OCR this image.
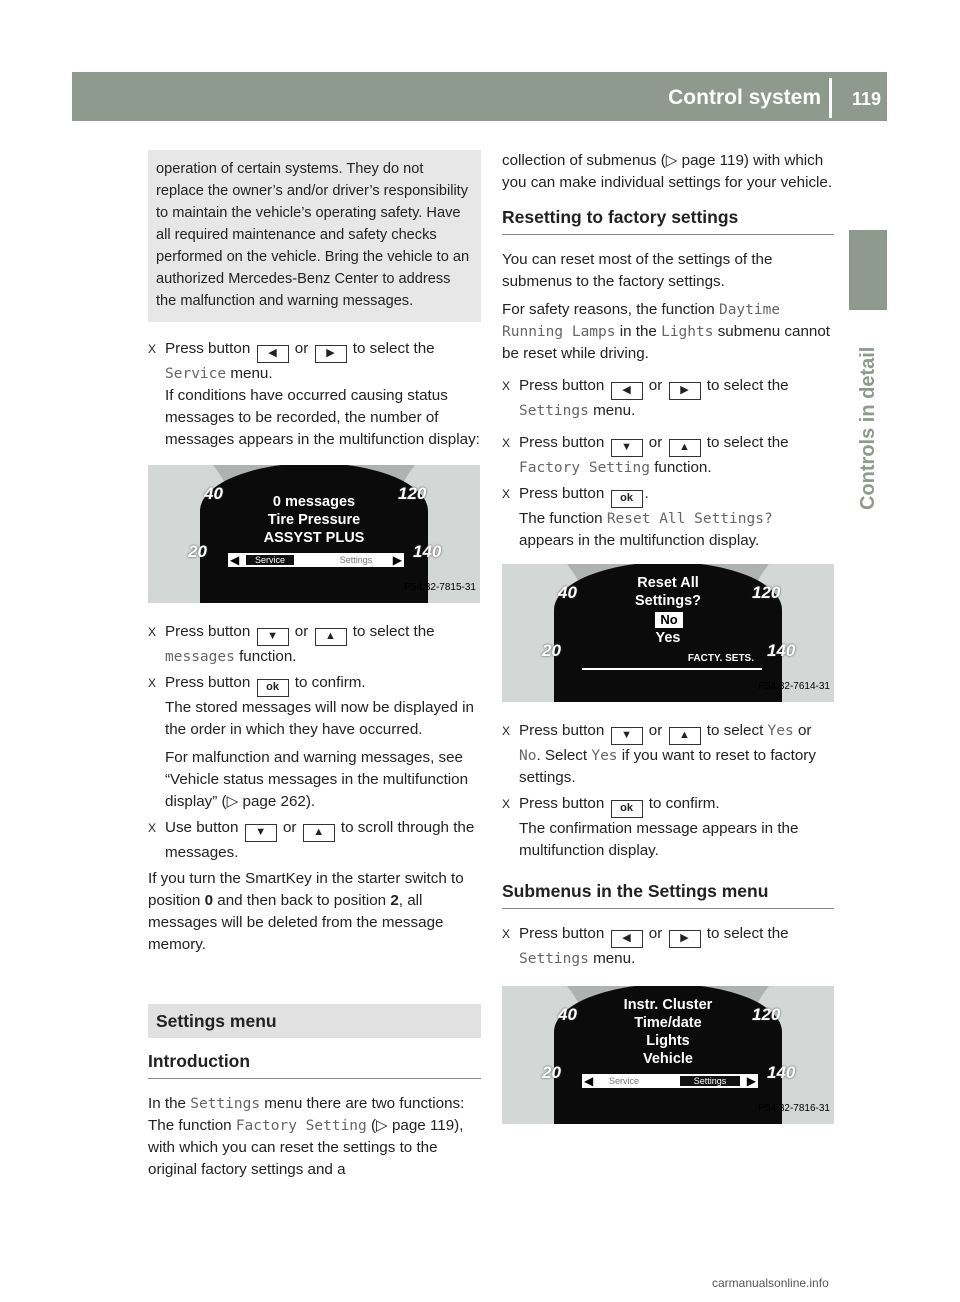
Control system 119
Controls in detail
operation of certain systems. They do not replace the owner’s and/or driver’s responsibility to maintain the vehicle’s operating safety. Have all required maintenance and safety checks performed on the vehicle. Bring the vehicle to an authorized Mercedes-Benz Center to address the malfunction and warning messages.
X Press button ◀ or ▶ to select the
Service menu.
If conditions have occurred causing status messages to be recorded, the number of messages appears in the multifunction display:
0 messages
Tire Pressure
ASSYST PLUS
40
20
120
140
◀	Service	Settings	▶
P54.32-7815-31
X Press button ▼ or ▲ to select the
messages function.
X Press button ok to confirm.
The stored messages will now be displayed in the order in which they have occurred.
For malfunction and warning messages, see “Vehicle status messages in the multifunction display” (▷ page 262).
X Use button ▼ or ▲ to scroll through the messages.
If you turn the SmartKey in the starter switch to position 0 and then back to position 2, all messages will be deleted from the message memory.
Settings menu
Introduction
In the Settings menu there are two functions: The function Factory Setting (▷ page 119), with which you can reset the settings to the original factory settings and a
collection of submenus (▷ page 119) with which you can make individual settings for your vehicle.
Resetting to factory settings
You can reset most of the settings of the submenus to the factory settings.
For safety reasons, the function Daytime Running Lamps in the Lights submenu cannot be reset while driving.
X Press button ◀ or ▶ to select the
Settings menu.
X Press button ▼ or ▲ to select the
Factory Setting function.
X Press button ok .
The function Reset All Settings?
appears in the multifunction display.
Reset All
Settings?
Yes
No
FACTY. SETS.
40
20
120
140
P54.32-7614-31
X Press button ▼ or ▲ to select Yes or
No. Select Yes if you want to reset to factory settings.
X Press button ok to confirm.
The confirmation message appears in the multifunction display.
Submenus in the Settings menu
X Press button ◀ or ▶ to select the
Settings menu.
Instr. Cluster
Time/date
Lights
Vehicle
40
20
120
140
◀	Service	Settings	▶
P54.32-7816-31
carmanualsonline.info
